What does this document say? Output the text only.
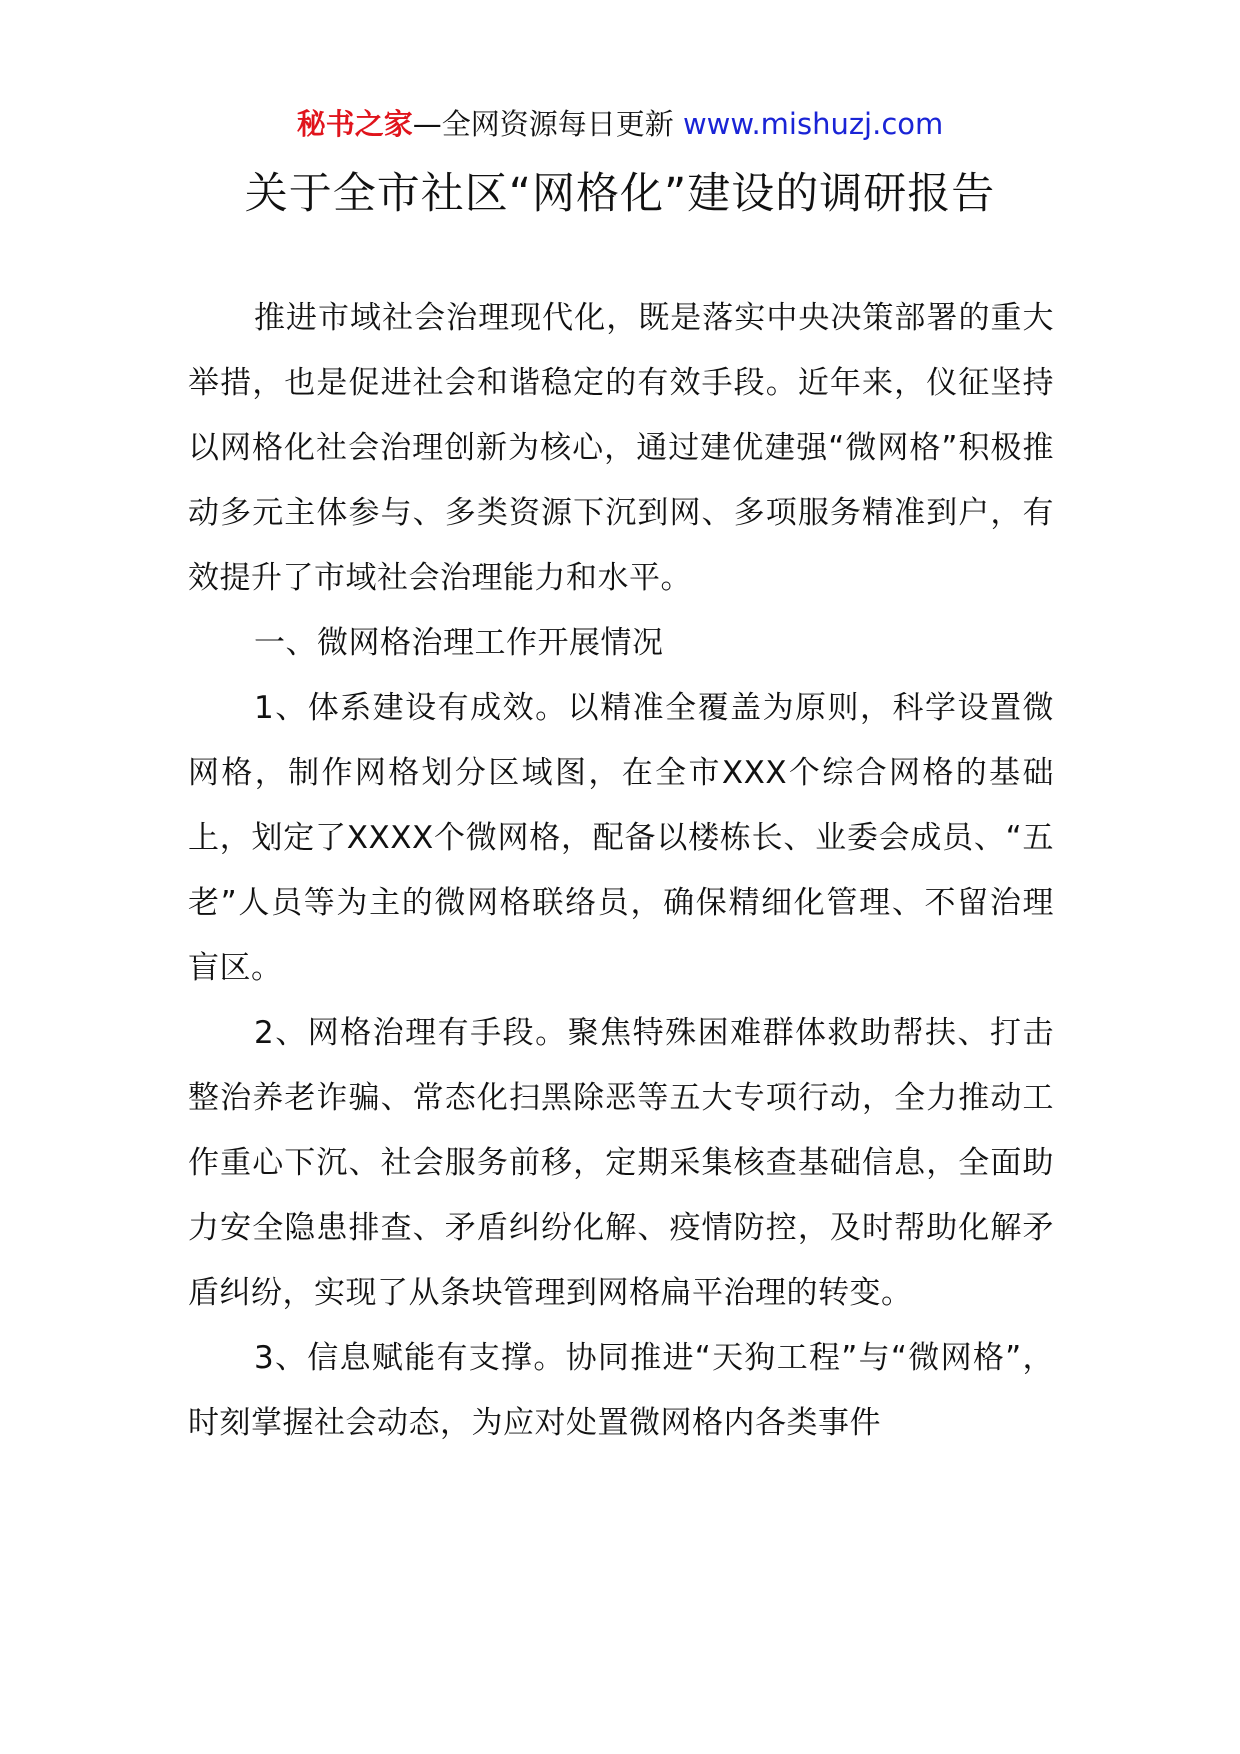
秘书之家—全网资源每日更新 www.mishuzj.com
关于全市社区“网格化”建设的调研报告

推进市域社会治理现代化，既是落实中央决策部署的重大举措，也是促进社会和谐稳定的有效手段。近年来，仪征坚持以网格化社会治理创新为核心，通过建优建强“微网格”积极推动多元主体参与、多类资源下沉到网、多项服务精准到户，有效提升了市域社会治理能力和水平。

一、微网格治理工作开展情况

1、体系建设有成效。以精准全覆盖为原则，科学设置微网格，制作网格划分区域图，在全市XXX个综合网格的基础上，划定了XXXX个微网格，配备以楼栋长、业委会成员、“五老”人员等为主的微网格联络员，确保精细化管理、不留治理盲区。

2、网格治理有手段。聚焦特殊困难群体救助帮扶、打击整治养老诈骗、常态化扫黑除恶等五大专项行动，全力推动工作重心下沉、社会服务前移，定期采集核查基础信息，全面助力安全隐患排查、矛盾纠纷化解、疫情防控，及时帮助化解矛盾纠纷，实现了从条块管理到网格扁平治理的转变。

3、信息赋能有支撑。协同推进“天狗工程”与“微网格”，时刻掌握社会动态，为应对处置微网格内各类事件
